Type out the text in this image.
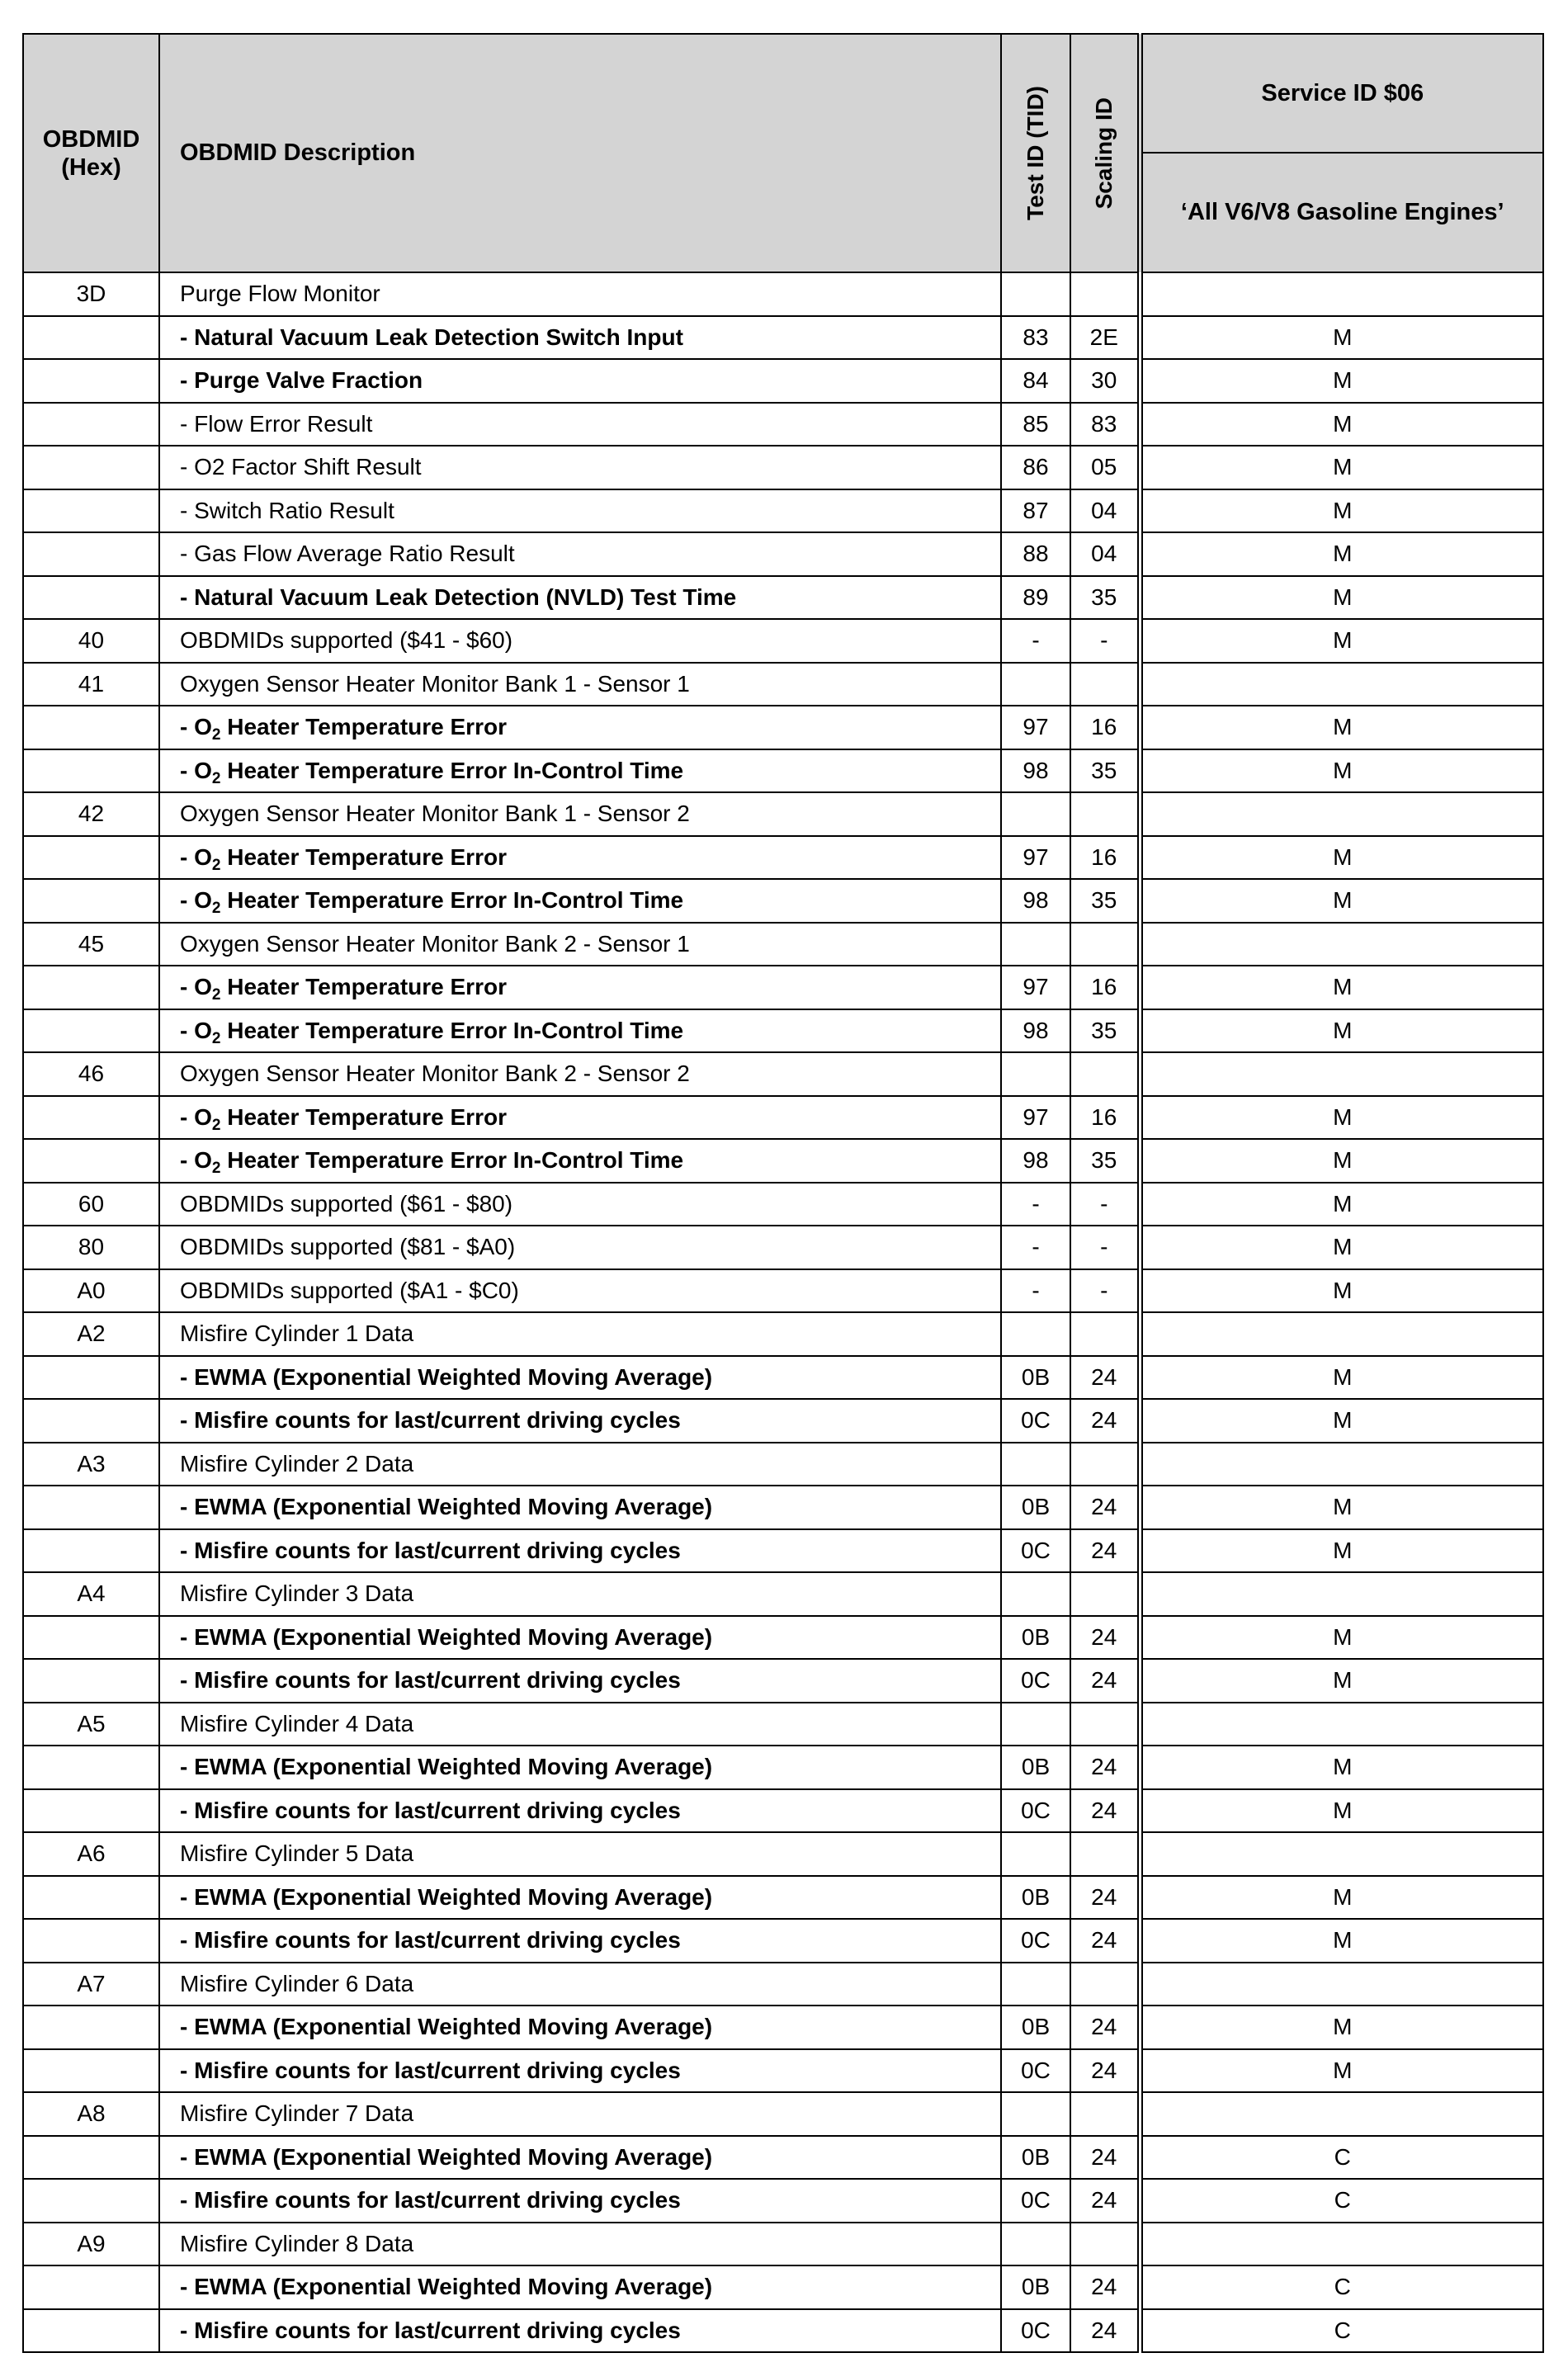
OBDMID
(Hex)	OBDMID Description	Test ID (TID)	Scaling ID	Service ID $06
				‘All V6/V8 Gasoline Engines’
3D	Purge Flow Monitor			
	- Natural Vacuum Leak Detection Switch Input	83	2E	M
	- Purge Valve Fraction	84	30	M
	- Flow Error Result	85	83	M
	- O2 Factor Shift Result	86	05	M
	- Switch Ratio Result	87	04	M
	- Gas Flow Average Ratio Result	88	04	M
	- Natural Vacuum Leak Detection (NVLD) Test Time	89	35	M
40	OBDMIDs supported ($41 - $60)	-	-	M
41	Oxygen Sensor Heater Monitor Bank 1 - Sensor 1			
	- $O_2$ Heater Temperature Error	97	16	M
	- $O_2$ Heater Temperature Error In-Control Time	98	35	M
42	Oxygen Sensor Heater Monitor Bank 1 - Sensor 2			
	- $O_2$ Heater Temperature Error	97	16	M
	- $O_2$ Heater Temperature Error In-Control Time	98	35	M
45	Oxygen Sensor Heater Monitor Bank 2 - Sensor 1			
	- $O_2$ Heater Temperature Error	97	16	M
	- $O_2$ Heater Temperature Error In-Control Time	98	35	M
46	Oxygen Sensor Heater Monitor Bank 2 - Sensor 2			
	- $O_2$ Heater Temperature Error	97	16	M
	- $O_2$ Heater Temperature Error In-Control Time	98	35	M
60	OBDMIDs supported ($61 - $80)	-	-	M
80	OBDMIDs supported ($81 - $A0)	-	-	M
A0	OBDMIDs supported ($A1 - $C0)	-	-	M
A2	Misfire Cylinder 1 Data			
	- EWMA (Exponential Weighted Moving Average)	0B	24	M
	- Misfire counts for last/current driving cycles	0C	24	M
A3	Misfire Cylinder 2 Data			
	- EWMA (Exponential Weighted Moving Average)	0B	24	M
	- Misfire counts for last/current driving cycles	0C	24	M
A4	Misfire Cylinder 3 Data			
	- EWMA (Exponential Weighted Moving Average)	0B	24	M
	- Misfire counts for last/current driving cycles	0C	24	M
A5	Misfire Cylinder 4 Data			
	- EWMA (Exponential Weighted Moving Average)	0B	24	M
	- Misfire counts for last/current driving cycles	0C	24	M
A6	Misfire Cylinder 5 Data			
	- EWMA (Exponential Weighted Moving Average)	0B	24	M
	- Misfire counts for last/current driving cycles	0C	24	M
A7	Misfire Cylinder 6 Data			
	- EWMA (Exponential Weighted Moving Average)	0B	24	M
	- Misfire counts for last/current driving cycles	0C	24	M
A8	Misfire Cylinder 7 Data			
	- EWMA (Exponential Weighted Moving Average)	0B	24	C
	- Misfire counts for last/current driving cycles	0C	24	C
A9	Misfire Cylinder 8 Data			
	- EWMA (Exponential Weighted Moving Average)	0B	24	C
	- Misfire counts for last/current driving cycles	0C	24	C
